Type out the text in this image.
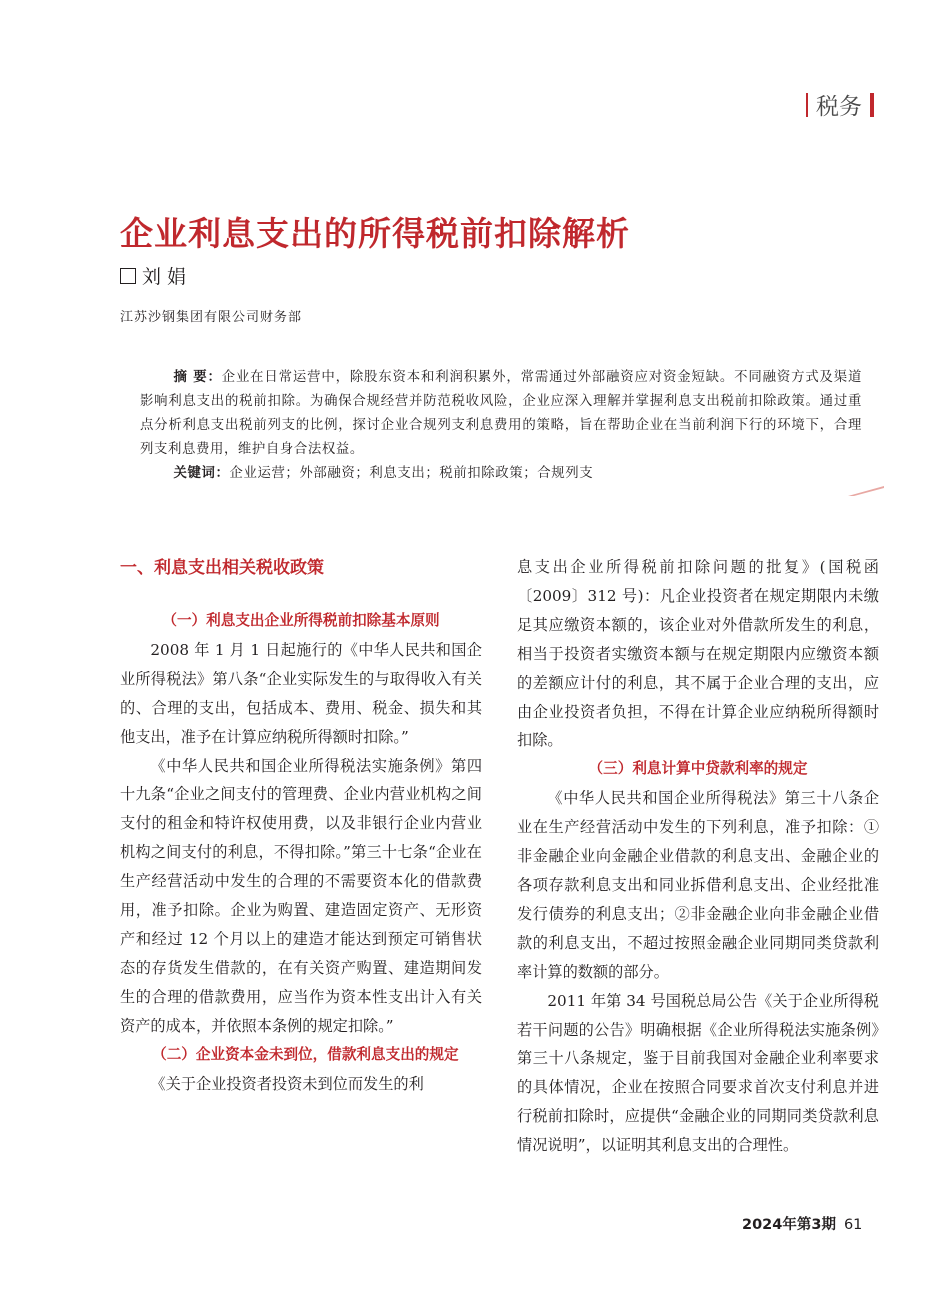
税务
企业利息支出的所得税前扣除解析
刘 娟
江苏沙钢集团有限公司财务部

摘 要：企业在日常运营中，除股东资本和利润积累外，常需通过外部融资应对资金短缺。不同融资方式及渠道影响利息支出的税前扣除。为确保合规经营并防范税收风险，企业应深入理解并掌握利息支出税前扣除政策。通过重点分析利息支出税前列支的比例，探讨企业合规列支利息费用的策略，旨在帮助企业在当前利润下行的环境下，合理列支利息费用，维护自身合法权益。

关键词：企业运营；外部融资；利息支出；税前扣除政策；合规列支

一、利息支出相关税收政策
（一）利息支出企业所得税前扣除基本原则

2008 年 1 月 1 日起施行的《中华人民共和国企业所得税法》第八条“企业实际发生的与取得收入有关的、合理的支出，包括成本、费用、税金、损失和其他支出，准予在计算应纳税所得额时扣除。”

《中华人民共和国企业所得税法实施条例》第四十九条“企业之间支付的管理费、企业内营业机构之间支付的租金和特许权使用费，以及非银行企业内营业机构之间支付的利息，不得扣除。”第三十七条“企业在生产经营活动中发生的合理的不需要资本化的借款费用，准予扣除。企业为购置、建造固定资产、无形资产和经过 12 个月以上的建造才能达到预定可销售状态的存货发生借款的，在有关资产购置、建造期间发生的合理的借款费用，应当作为资本性支出计入有关资产的成本，并依照本条例的规定扣除。”

（二）企业资本金未到位，借款利息支出的规定

《关于企业投资者投资未到位而发生的利

息支出企业所得税前扣除问题的批复》(国税函〔2009〕312 号)：凡企业投资者在规定期限内未缴足其应缴资本额的，该企业对外借款所发生的利息，相当于投资者实缴资本额与在规定期限内应缴资本额的差额应计付的利息，其不属于企业合理的支出，应由企业投资者负担，不得在计算企业应纳税所得额时扣除。

（三）利息计算中贷款利率的规定

《中华人民共和国企业所得税法》第三十八条企业在生产经营活动中发生的下列利息，准予扣除：①非金融企业向金融企业借款的利息支出、金融企业的各项存款利息支出和同业拆借利息支出、企业经批准发行债券的利息支出；②非金融企业向非金融企业借款的利息支出，不超过按照金融企业同期同类贷款利率计算的数额的部分。

2011 年第 34 号国税总局公告《关于企业所得税若干问题的公告》明确根据《企业所得税法实施条例》第三十八条规定，鉴于目前我国对金融企业利率要求的具体情况，企业在按照合同要求首次支付利息并进行税前扣除时，应提供“金融企业的同期同类贷款利息情况说明”，以证明其利息支出的合理性。

2024年第3期 61
